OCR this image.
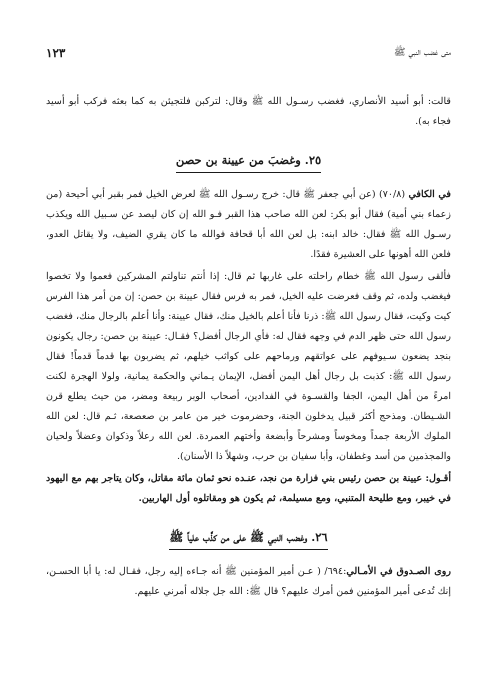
متى غضب النبي ﷺ
١٢٣

قالت: أبو أسيد الأنصاري، فغضب رسـول الله ﷺ وقال: لتركبن فلتجيئن به كما بعثه فركب أبو أسيد فجاء به).

٢٥. وغضبَ من عيينة بن حصن

في الكافي (٧٠/٨) (عن أبي جعفر ﷺ قال: خرج رسـول الله ﷺ لعرض الخيل فمر بقبر أبي أحيحة (من زعماء بني أمية) فقال أبو بكر: لعن الله صاحب هذا القبر فـو الله إن كان ليصد عن سـبيل الله ويكذب رسـول الله ﷺ فقال: خالد ابنه: بل لعن الله أبا قحافة فوالله ما كان يقري الضيف، ولا يقاتل العدو، فلعن الله أهونها على العشيرة فقدًا.

فألقى رسول الله ﷺ خطام راحلته على غاربها ثم قال: إذا أنتم تناولتم المشركين فعموا ولا تخصوا فيغضب ولده، ثم وقف فعرضت عليه الخيل، فمر به فرس فقال عيينة بن حصن: إن من أمر هذا الفرس كيت وكيت، فقال رسول الله ﷺ: ذرنا فأنا أعلم بالخيل منك، فقال عيينة: وأنا أعلم بالرجال منك، فغضب رسول الله حتى ظهر الدم في وجهه فقال له: فأي الرجال أفضل؟ فقـال: عيينة بن حصن: رجال يكونون بنجد يضعون سـيوفهم على عواتقهم ورماحهم على كواثب خيلهم، ثم يضربون بها قدماً قدماً! فقال رسول الله ﷺ: كذبت بل رجال أهل اليمن أفضل، الإيمان يـماني والحكمة يمانية، ولولا الهجرة لكنت امرءً من أهل اليمن، الجفا والقسـوة في الفدادين، أصحاب الوبر ربيعة ومضر، من حيث يطلع قرن الشـيطان. ومذحج أكثر قبيل يدخلون الجنة، وحضرموت خير من عامر بن صعصعة، ثـم قال: لعن الله الملوك الأربعة جمداً ومخوساً ومشرحاً وأبضعة وأختهم العمردة. لعن الله رعلاً وذكوان وعضلاً ولحيان والمجذمين من أسد وغطفان، وأبا سفيان بن حرب، وشهلاً ذا الأسنان).

أقـول: عيينة بن حصن رئيس بني فزارة من نجد، عنـده نحو ثمان مائة مقاتل، وكان يتاجر بهم مع اليهود في خيبر، ومع طليحة المتنبي، ومع مسيلمة، ثم يكون هو ومقاتلوه أول الهاربين.

٢٦. وغضب النبي ﷺ على من كذَّب علياً ﷺ

روى الصـدوق في الأمـالي:٦٩٤/ ( عـن أمير المؤمنين ﷺ أنه جـاءه إليه رجل، فقـال له: يا أبا الحسـن، إنك تُدعى أمير المؤمنين فمن أمرك عليهم؟ قال ﷺ: الله جل جلاله أمرني عليهم.
